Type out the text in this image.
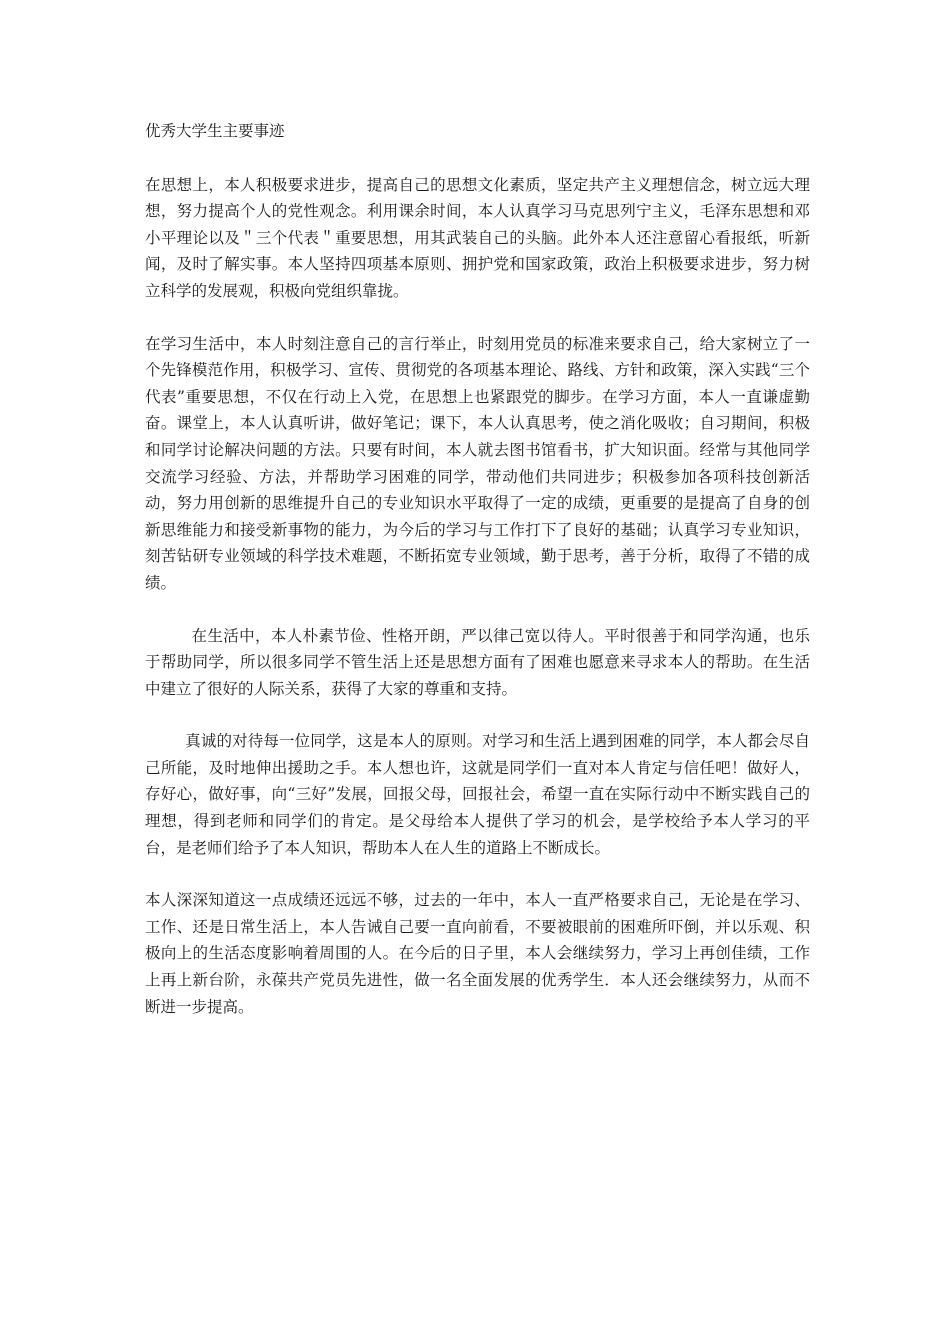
优秀大学生主要事迹

在思想上，本人积极要求进步，提高自己的思想文化素质，坚定共产主义理想信念，树立远大理想，努力提高个人的党性观念。利用课余时间，本人认真学习马克思列宁主义，毛泽东思想和邓小平理论以及＂三个代表＂重要思想，用其武装自己的头脑。此外本人还注意留心看报纸，听新闻，及时了解实事。本人坚持四项基本原则、拥护党和国家政策，政治上积极要求进步，努力树立科学的发展观，积极向党组织靠拢。

在学习生活中，本人时刻注意自己的言行举止，时刻用党员的标准来要求自己，给大家树立了一个先锋模范作用，积极学习、宣传、贯彻党的各项基本理论、路线、方针和政策，深入实践“三个代表”重要思想，不仅在行动上入党，在思想上也紧跟党的脚步。在学习方面，本人一直谦虚勤奋。课堂上，本人认真听讲，做好笔记；课下，本人认真思考，使之消化吸收；自习期间，积极和同学讨论解决问题的方法。只要有时间，本人就去图书馆看书，扩大知识面。经常与其他同学交流学习经验、方法，并帮助学习困难的同学，带动他们共同进步；积极参加各项科技创新活动，努力用创新的思维提升自己的专业知识水平取得了一定的成绩，更重要的是提高了自身的创新思维能力和接受新事物的能力，为今后的学习与工作打下了良好的基础；认真学习专业知识，刻苦钻研专业领域的科学技术难题，不断拓宽专业领域，勤于思考，善于分析，取得了不错的成绩。

在生活中，本人朴素节俭、性格开朗，严以律己宽以待人。平时很善于和同学沟通，也乐于帮助同学，所以很多同学不管生活上还是思想方面有了困难也愿意来寻求本人的帮助。在生活中建立了很好的人际关系，获得了大家的尊重和支持。

真诚的对待每一位同学，这是本人的原则。对学习和生活上遇到困难的同学，本人都会尽自己所能，及时地伸出援助之手。本人想也许，这就是同学们一直对本人肯定与信任吧！做好人，存好心，做好事，向“三好”发展，回报父母，回报社会，希望一直在实际行动中不断实践自己的理想，得到老师和同学们的肯定。是父母给本人提供了学习的机会，是学校给予本人学习的平台，是老师们给予了本人知识，帮助本人在人生的道路上不断成长。

本人深深知道这一点成绩还远远不够，过去的一年中，本人一直严格要求自己，无论是在学习、工作、还是日常生活上，本人告诫自己要一直向前看，不要被眼前的困难所吓倒，并以乐观、积极向上的生活态度影响着周围的人。在今后的日子里，本人会继续努力，学习上再创佳绩，工作上再上新台阶，永葆共产党员先进性，做一名全面发展的优秀学生．本人还会继续努力，从而不断进一步提高。
